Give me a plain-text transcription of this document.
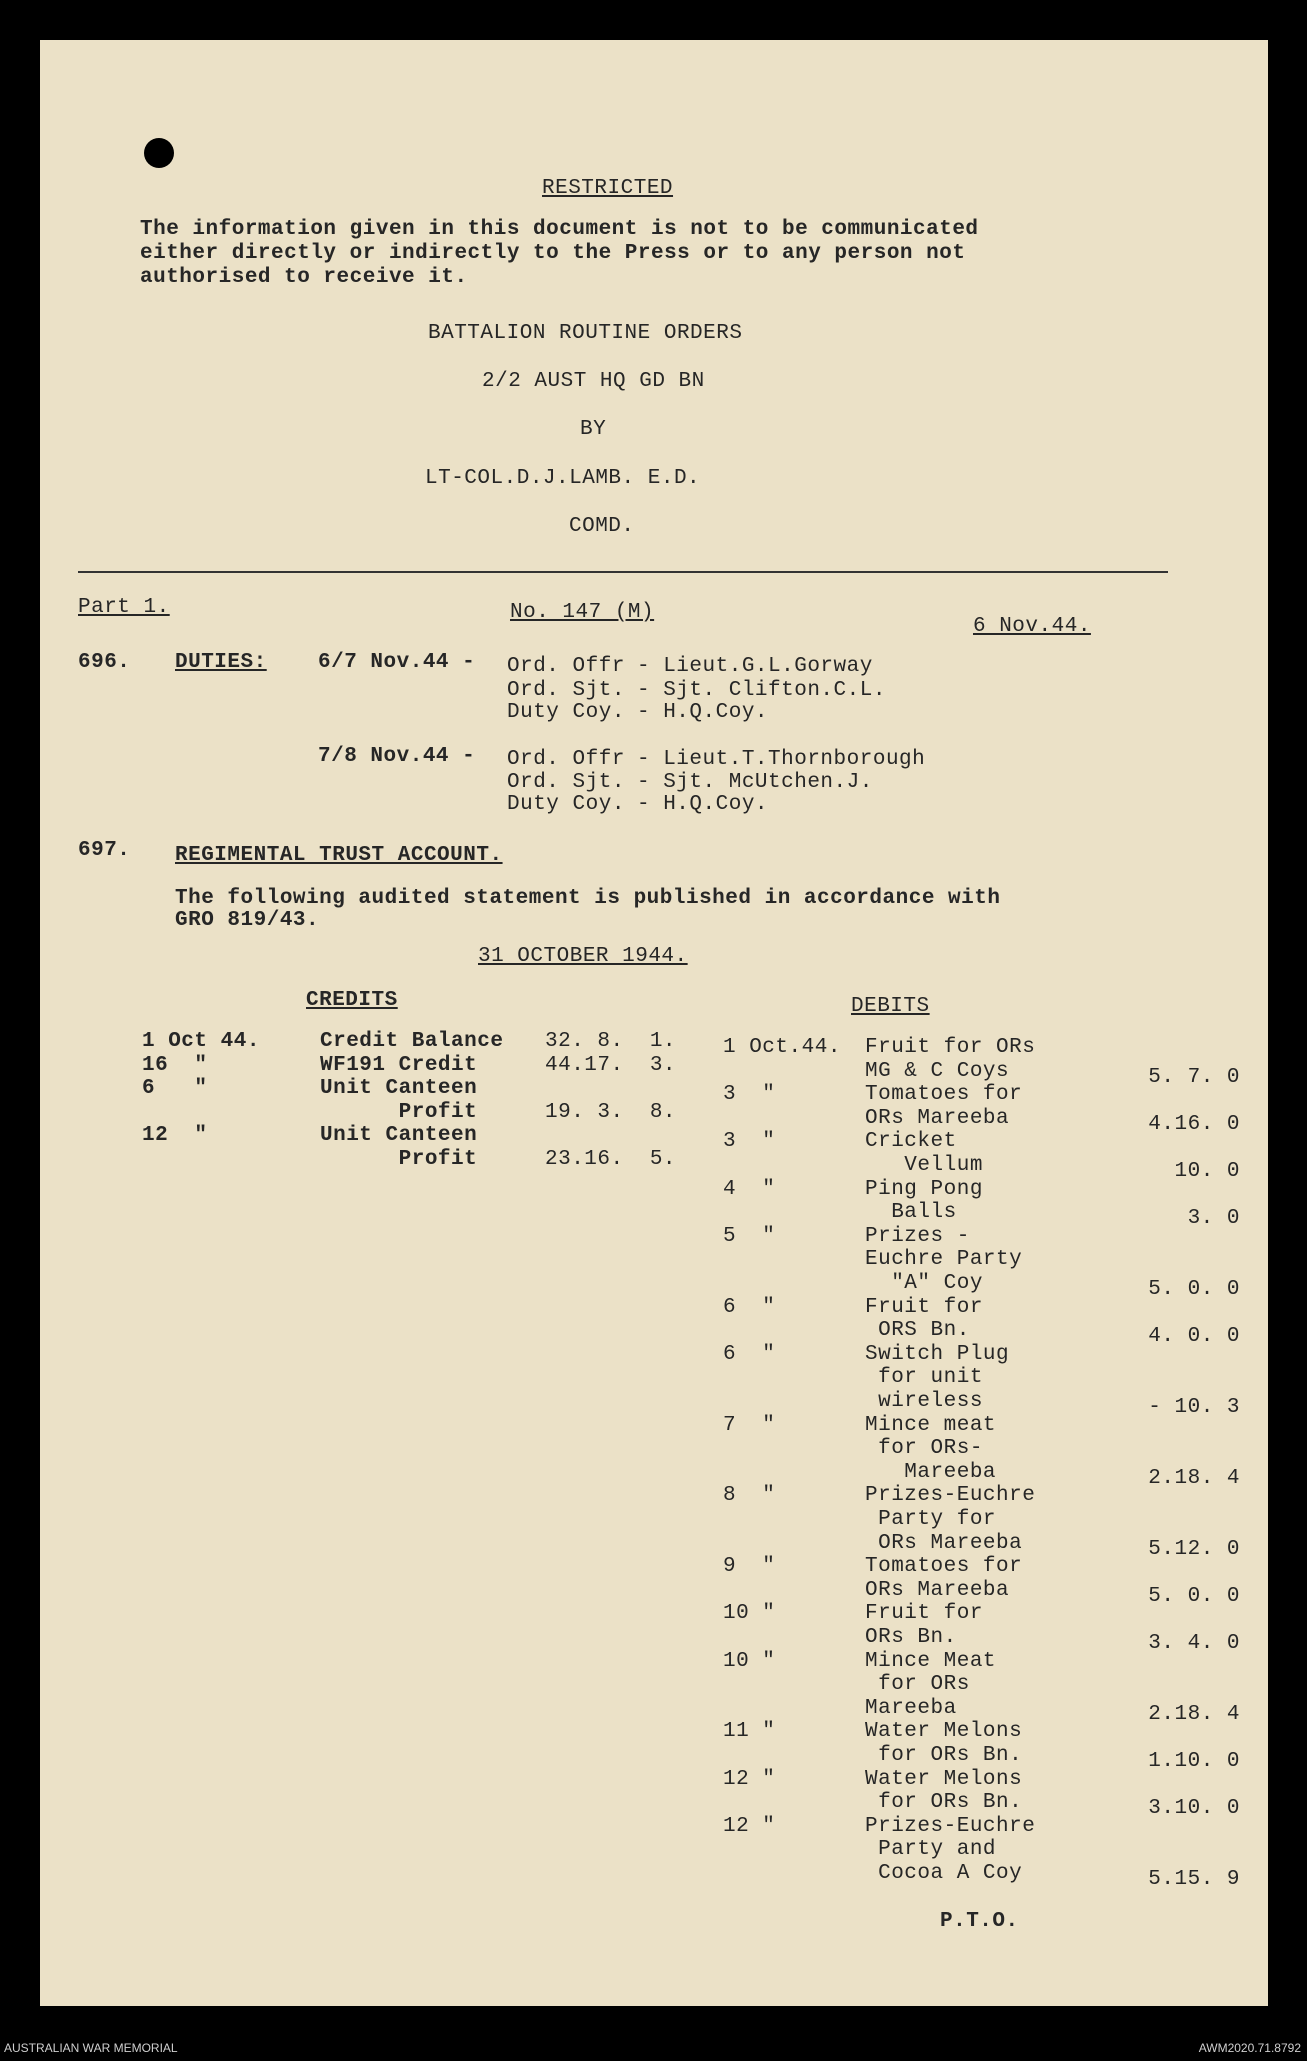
RESTRICTED
The information given in this document is not to be communicated
either directly or indirectly to the Press or to any person not
authorised to receive it.
BATTALION ROUTINE ORDERS
2/2 AUST HQ GD BN
BY
LT-COL.D.J.LAMB. E.D.
COMD.
Part 1.	No. 147 (M)
6 Nov.44.
696. DUTIES: 6/7 Nov.44 - Ord. Offr - Lieut.G.L.Gorway
Ord. Sjt. - Sjt. Clifton.C.L.
Duty Coy. - H.Q.Coy.
7/8 Nov.44 - Ord. Offr - Lieut.T.Thornborough
Ord. Sjt. - Sjt. McUtchen.J.
Duty Coy. - H.Q.Coy.
697. REGIMENTAL TRUST ACCOUNT.
The following audited statement is published in accordance with
GRO 819/43.
31 OCTOBER 1944.
CREDITS	DEBITS
1 Oct 44.	Credit Balance 32. 8.  1.
16  "	WF191 Credit	44.17.  3.
6   "	Unit Canteen
Profit	19. 3.  8.
12  "	Unit Canteen
Profit	23.16.  5.
1 Oct.44. Fruit for ORs
MG & C Coys	5. 7. 0
3  "	Tomatoes for
ORs Mareeba	4.16. 0
3  "	Cricket
Vellum	10. 0
4  "	Ping Pong
Balls	3. 0
5  "	Prizes -
Euchre Party
"A" Coy	5. 0. 0
6  "	Fruit for
ORS Bn.	4. 0. 0
6  "	Switch Plug
for unit
wireless	- 10. 3
7  "	Mince meat
for ORs-
Mareeba	2.18. 4
8  "	Prizes-Euchre
Party for
ORs Mareeba	5.12. 0
9  "	Tomatoes for
ORs Mareeba	5. 0. 0
10 "	Fruit for
ORs Bn.	3. 4. 0
10 "	Mince Meat
for ORs
Mareeba	2.18. 4
11 "	Water Melons
for ORs Bn.	1.10. 0
12 "	Water Melons
for ORs Bn.	3.10. 0
12 "	Prizes-Euchre
Party and
Cocoa A Coy	5.15. 9
P.T.O.
AUSTRALIAN WAR MEMORIAL	AWM2020.71.8792
